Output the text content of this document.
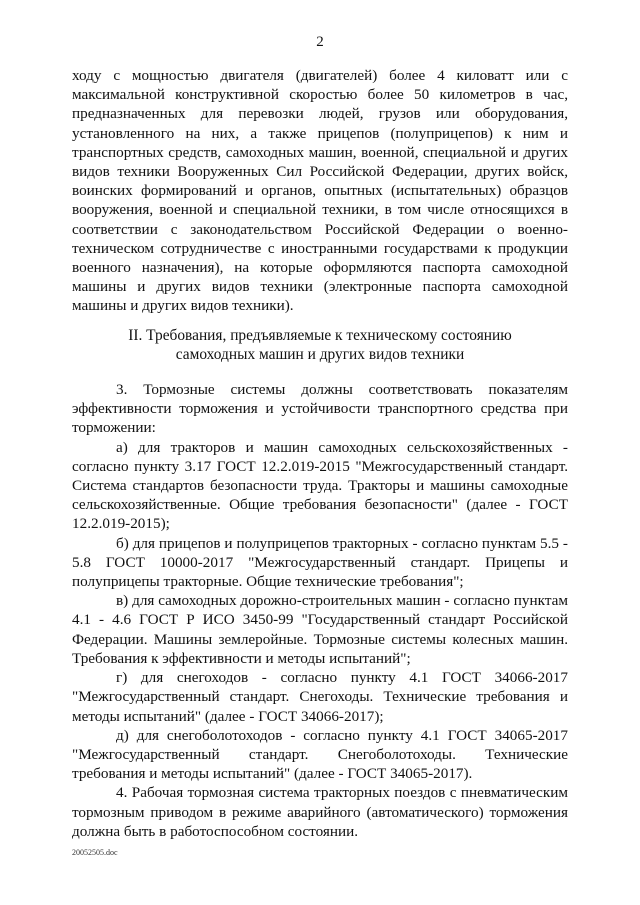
2

ходу с мощностью двигателя (двигателей) более 4 киловатт или с максимальной конструктивной скоростью более 50 километров в час, предназначенных для перевозки людей, грузов или оборудования, установленного на них, а также прицепов (полуприцепов) к ним и транспортных средств, самоходных машин, военной, специальной и других видов техники Вооруженных Сил Российской Федерации, других войск, воинских формирований и органов, опытных (испытательных) образцов вооружения, военной и специальной техники, в том числе относящихся в соответствии с законодательством Российской Федерации о военно-техническом сотрудничестве с иностранными государствами к продукции военного назначения), на которые оформляются паспорта самоходной машины и других видов техники (электронные паспорта самоходной машины и других видов техники).

II. Требования, предъявляемые к техническому состоянию
самоходных машин и других видов техники

3. Тормозные системы должны соответствовать показателям эффективности торможения и устойчивости транспортного средства при торможении:

а) для тракторов и машин самоходных сельскохозяйственных - согласно пункту 3.17 ГОСТ 12.2.019-2015 "Межгосударственный стандарт. Система стандартов безопасности труда. Тракторы и машины самоходные сельскохозяйственные. Общие требования безопасности" (далее - ГОСТ 12.2.019-2015);

б) для прицепов и полуприцепов тракторных - согласно пунктам 5.5 - 5.8 ГОСТ 10000-2017 "Межгосударственный стандарт. Прицепы и полуприцепы тракторные. Общие технические требования";

в) для самоходных дорожно-строительных машин - согласно пунктам 4.1 - 4.6 ГОСТ Р ИСО 3450-99 "Государственный стандарт Российской Федерации. Машины землеройные. Тормозные системы колесных машин. Требования к эффективности и методы испытаний";

г) для снегоходов - согласно пункту 4.1 ГОСТ 34066-2017 "Межгосударственный стандарт. Снегоходы. Технические требования и методы испытаний" (далее - ГОСТ 34066-2017);

д) для снегоболотоходов - согласно пункту 4.1 ГОСТ 34065-2017 "Межгосударственный стандарт. Снегоболотоходы. Технические требования и методы испытаний" (далее - ГОСТ 34065-2017).

4. Рабочая тормозная система тракторных поездов с пневматическим тормозным приводом в режиме аварийного (автоматического) торможения должна быть в работоспособном состоянии.

20052505.doc
